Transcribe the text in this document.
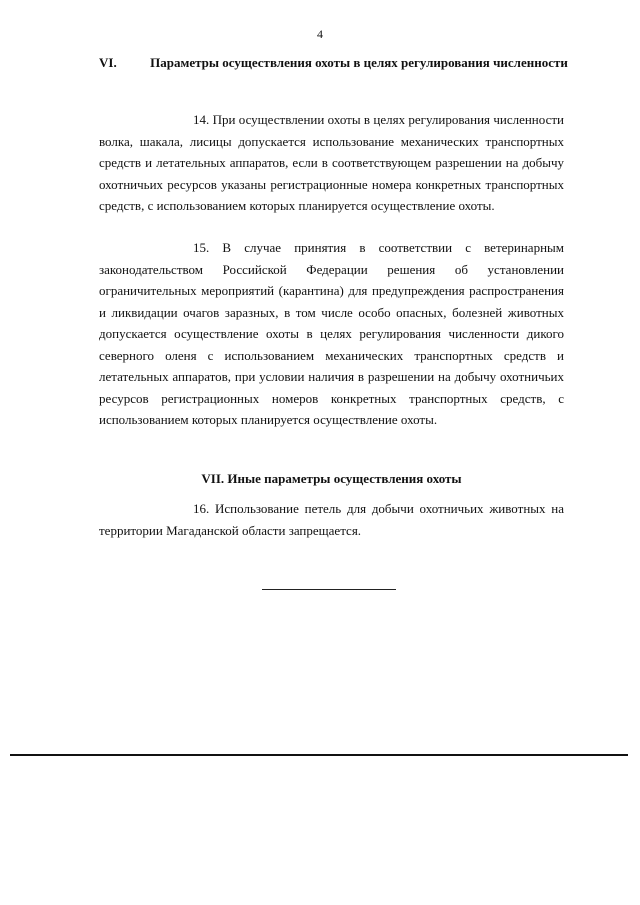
4
VI.	Параметры осуществления охоты в целях регулирования численности

14. При осуществлении охоты в целях регулирования численности волка, шакала, лисицы допускается использование механических транспортных средств и летательных аппаратов, если в соответствующем разрешении на добычу охотничьих ресурсов указаны регистрационные номера конкретных транспортных средств, с использованием которых планируется осуществление охоты.

15. В случае принятия в соответствии с ветеринарным законодательством Российской Федерации решения об установлении ограничительных мероприятий (карантина) для предупреждения распространения и ликвидации очагов заразных, в том числе особо опасных, болезней животных допускается осуществление охоты в целях регулирования численности дикого северного оленя с использованием механических транспортных средств и летательных аппаратов, при условии наличия в разрешении на добычу охотничьих ресурсов регистрационных номеров конкретных транспортных средств, с использованием которых планируется осуществление охоты.

VII. Иные параметры осуществления охоты

16. Использование петель для добычи охотничьих животных на территории Магаданской области запрещается.
